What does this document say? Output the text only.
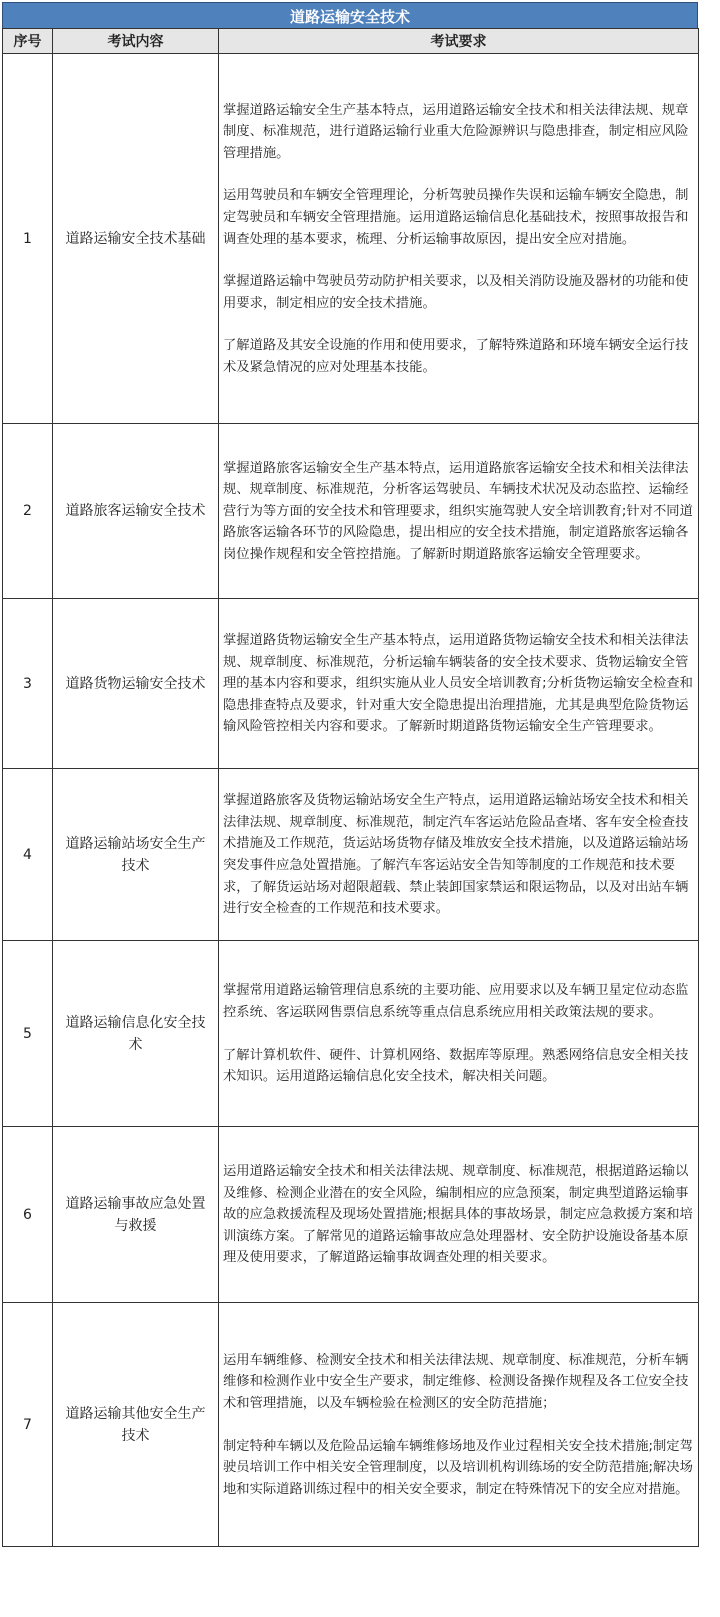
道路运输安全技术
序号	考试内容	考试要求
1	道路运输安全技术基础	掌握道路运输安全生产基本特点，运用道路运输安全技术和相关法律法规、规章制度、标准规范，进行道路运输行业重大危险源辨识与隐患排查，制定相应风险管理措施。

运用驾驶员和车辆安全管理理论，分析驾驶员操作失误和运输车辆安全隐患，制定驾驶员和车辆安全管理措施。运用道路运输信息化基础技术，按照事故报告和调查处理的基本要求，梳理、分析运输事故原因，提出安全应对措施。

掌握道路运输中驾驶员劳动防护相关要求，以及相关消防设施及器材的功能和使用要求，制定相应的安全技术措施。

了解道路及其安全设施的作用和使用要求，了解特殊道路和环境车辆安全运行技术及紧急情况的应对处理基本技能。

2	道路旅客运输安全技术	掌握道路旅客运输安全生产基本特点，运用道路旅客运输安全技术和相关法律法规、规章制度、标准规范，分析客运驾驶员、车辆技术状况及动态监控、运输经营行为等方面的安全技术和管理要求，组织实施驾驶人安全培训教育;针对不同道路旅客运输各环节的风险隐患，提出相应的安全技术措施，制定道路旅客运输各岗位操作规程和安全管控措施。了解新时期道路旅客运输安全管理要求。

3	道路货物运输安全技术	掌握道路货物运输安全生产基本特点，运用道路货物运输安全技术和相关法律法规、规章制度、标准规范，分析运输车辆装备的安全技术要求、货物运输安全管理的基本内容和要求，组织实施从业人员安全培训教育;分析货物运输安全检查和隐患排查特点及要求，针对重大安全隐患提出治理措施，尤其是典型危险货物运输风险管控相关内容和要求。了解新时期道路货物运输安全生产管理要求。

4	道路运输站场安全生产技术	掌握道路旅客及货物运输站场安全生产特点，运用道路运输站场安全技术和相关法律法规、规章制度、标准规范，制定汽车客运站危险品查堵、客车安全检查技术措施及工作规范，货运站场货物存储及堆放安全技术措施，以及道路运输站场突发事件应急处置措施。了解汽车客运站安全告知等制度的工作规范和技术要求，了解货运站场对超限超载、禁止装卸国家禁运和限运物品，以及对出站车辆进行安全检查的工作规范和技术要求。

5	道路运输信息化安全技术	掌握常用道路运输管理信息系统的主要功能、应用要求以及车辆卫星定位动态监控系统、客运联网售票信息系统等重点信息系统应用相关政策法规的要求。

了解计算机软件、硬件、计算机网络、数据库等原理。熟悉网络信息安全相关技术知识。运用道路运输信息化安全技术，解决相关问题。

6	道路运输事故应急处置与救援	运用道路运输安全技术和相关法律法规、规章制度、标准规范，根据道路运输以及维修、检测企业潜在的安全风险，编制相应的应急预案，制定典型道路运输事故的应急救援流程及现场处置措施;根据具体的事故场景，制定应急救援方案和培训演练方案。了解常见的道路运输事故应急处理器材、安全防护设施设备基本原理及使用要求，了解道路运输事故调查处理的相关要求。

7	道路运输其他安全生产技术	运用车辆维修、检测安全技术和相关法律法规、规章制度、标准规范，分析车辆维修和检测作业中安全生产要求，制定维修、检测设备操作规程及各工位安全技术和管理措施，以及车辆检验在检测区的安全防范措施；

制定特种车辆以及危险品运输车辆维修场地及作业过程相关安全技术措施;制定驾驶员培训工作中相关安全管理制度，以及培训机构训练场的安全防范措施;解决场地和实际道路训练过程中的相关安全要求，制定在特殊情况下的安全应对措施。
